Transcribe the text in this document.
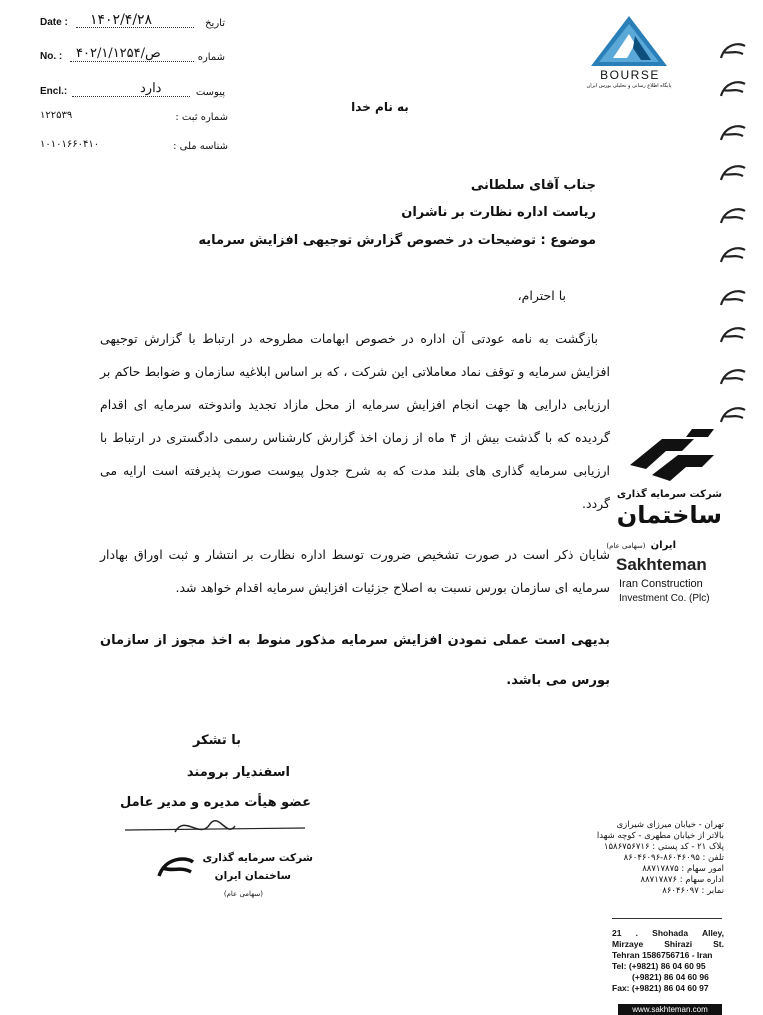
Date : ۱۴۰۲/۴/۲۸	تاریخ
No. : ۴۰۲/۱/ص/۱۲۵۴	شماره
Encl.:	دارد	پیوست
۱۲۲۵۳۹	شماره ثبت :
۱۰۱۰۱۶۶۰۴۱۰	شناسه ملی :
BOURSE
پایگاه اطلاع رسانی و تحلیلی بورس ایران
به نام خدا
جناب آقای سلطانی
ریاست اداره نظارت بر ناشران
موضوع : توضیحات در خصوص گزارش توجیهی افزایش سرمایه
با احترام،
بازگشت به نامه عودتی آن اداره در خصوص ابهامات مطروحه در ارتباط با گزارش توجیهی افزایش سرمایه و توقف نماد معاملاتی این شرکت ، که بر اساس ابلاغیه سازمان و ضوابط حاکم بر ارزیابی دارایی ها جهت انجام افزایش سرمایه از محل مازاد تجدید واندوخته سرمایه ای اقدام گردیده که با گذشت بیش از ۴ ماه از زمان اخذ گزارش کارشناس رسمی دادگستری در ارتباط با ارزیابی سرمایه گذاری های بلند مدت که به شرح جدول پیوست صورت پذیرفته است ارایه می گردد.
شایان ذکر است در صورت تشخیص ضرورت توسط اداره نظارت بر انتشار و ثبت اوراق بهادار سرمایه ای سازمان بورس نسبت به اصلاح جزئیات افزایش سرمایه اقدام خواهد شد.
بدیهی است عملی نمودن افزایش سرمایه مذکور منوط به اخذ مجوز از سازمان بورس می باشد.
با تشکر
اسفندیار برومند
عضو هیأت مدیره و مدیر عامل
شرکت سرمایه گذاری
ساختمان ایران
(سهامی عام)
شرکت سرمایه گذاری
ساختمان
ایران (سهامی عام)
Sakhteman
Iran Construction
Investment Co. (Plc)
تهران - خیابان میرزای شیرازی
بالاتر از خیابان مطهری - کوچه شهدا
پلاک ۲۱ - کد پستی : ۱۵۸۶۷۵۶۷۱۶
تلفن : ۸۶۰۴۶۰۹۵-۸۶۰۴۶۰۹۶
امور سهام : ۸۸۷۱۷۸۷۵
اداره سهام : ۸۸۷۱۷۸۷۶
نمابر : ۸۶۰۴۶۰۹۷
21 . Shohada Alley,
Mirzaye Shirazi St.
Tehran 1586756716 - Iran
Tel: (+9821) 86 04 60 95
(+9821) 86 04 60 96
Fax: (+9821) 86 04 60 97
www.sakhteman.com
